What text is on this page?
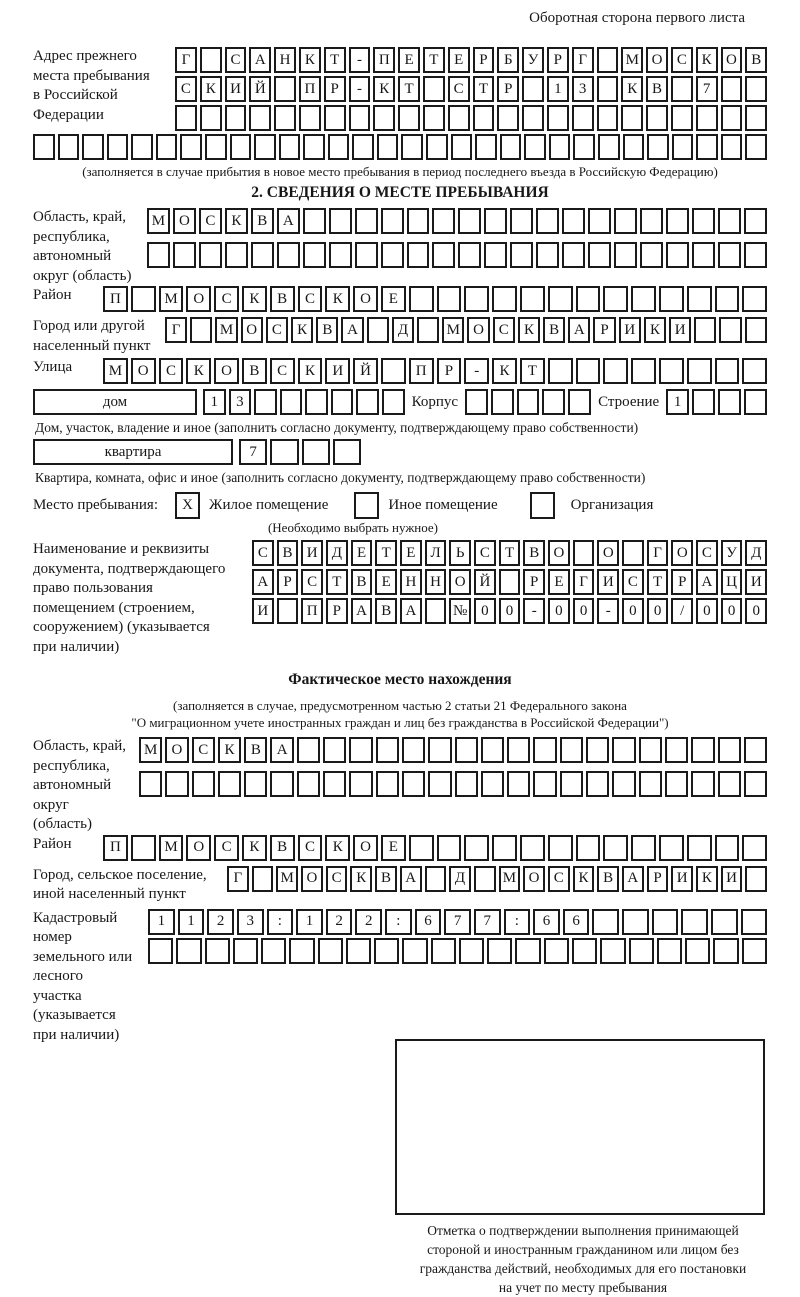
Оборотная сторона первого листа
Адрес прежнего
места пребывания
в Российской
Федерации
Г	С А Н К	Т	-	П Е	Т	Е	Р	Б	У	Р	Г	М О С К О В
С К И Й	П	Р	-	К	Т	С	Т	Р	1	3	К В	7
(заполняется в случае прибытия в новое место пребывания в период последнего въезда в Российскую Федерацию)
2. СВЕДЕНИЯ О МЕСТЕ ПРЕБЫВАНИЯ
Область, край,
республика,
автономный
округ (область)
М О	С	К	В	А
Район	П	М	О	С	К	В	С	К	О	Е
Город или другой
населенный пункт
Г	М О С	К	В А	Д	М О С	К	В А	Р	И К И
Улица	М	О	С	К	О	В	С	К	И	Й	П	Р	-	К	Т
дом	1	3	Корпус	Строение 1
Дом, участок, владение и иное (заполнить согласно документу, подтверждающему право собственности)
квартира	7
Квартира, комната, офис и иное (заполнить согласно документу, подтверждающему право собственности)
Место пребывания:	X	Жилое помещение	Иное помещение	Организация
(Необходимо выбрать нужное)
Наименование и реквизиты
документа, подтверждающего
право пользования
помещением (строением,
сооружением) (указывается
при наличии)
С В И Д Е	Т	Е Л	Ь	С	Т	В О	О	Г О С У Д
А	Р	С	Т	В	Е Н Н О Й	Р	Е	Г И С	Т	Р	А Ц И
И	П	Р	А В А	№ 0	0	-	0	0	-	0	0	/	0	0	0
Фактическое место нахождения
(заполняется в случае, предусмотренном частью 2 статьи 21 Федерального закона
"О миграционном учете иностранных граждан и лиц без гражданства в Российской Федерации")
Область, край,
республика,
автономный округ
(область)
М О	С	К	В	А
Район	П	М	О	С	К	В	С	К	О	Е
Город, сельское поселение,
иной населенный пункт
Г	М О С К В А	Д	М О С К В А	Р	И К И
Кадастровый номер
земельного или лесного
участка (указывается
при наличии)
1	1	2	3	:	1	2	2	:	6	7	7	:	6	6
Отметка о подтверждении выполнения принимающей
стороной и иностранным гражданином или лицом без
гражданства действий, необходимых для его постановки
на учет по месту пребывания
